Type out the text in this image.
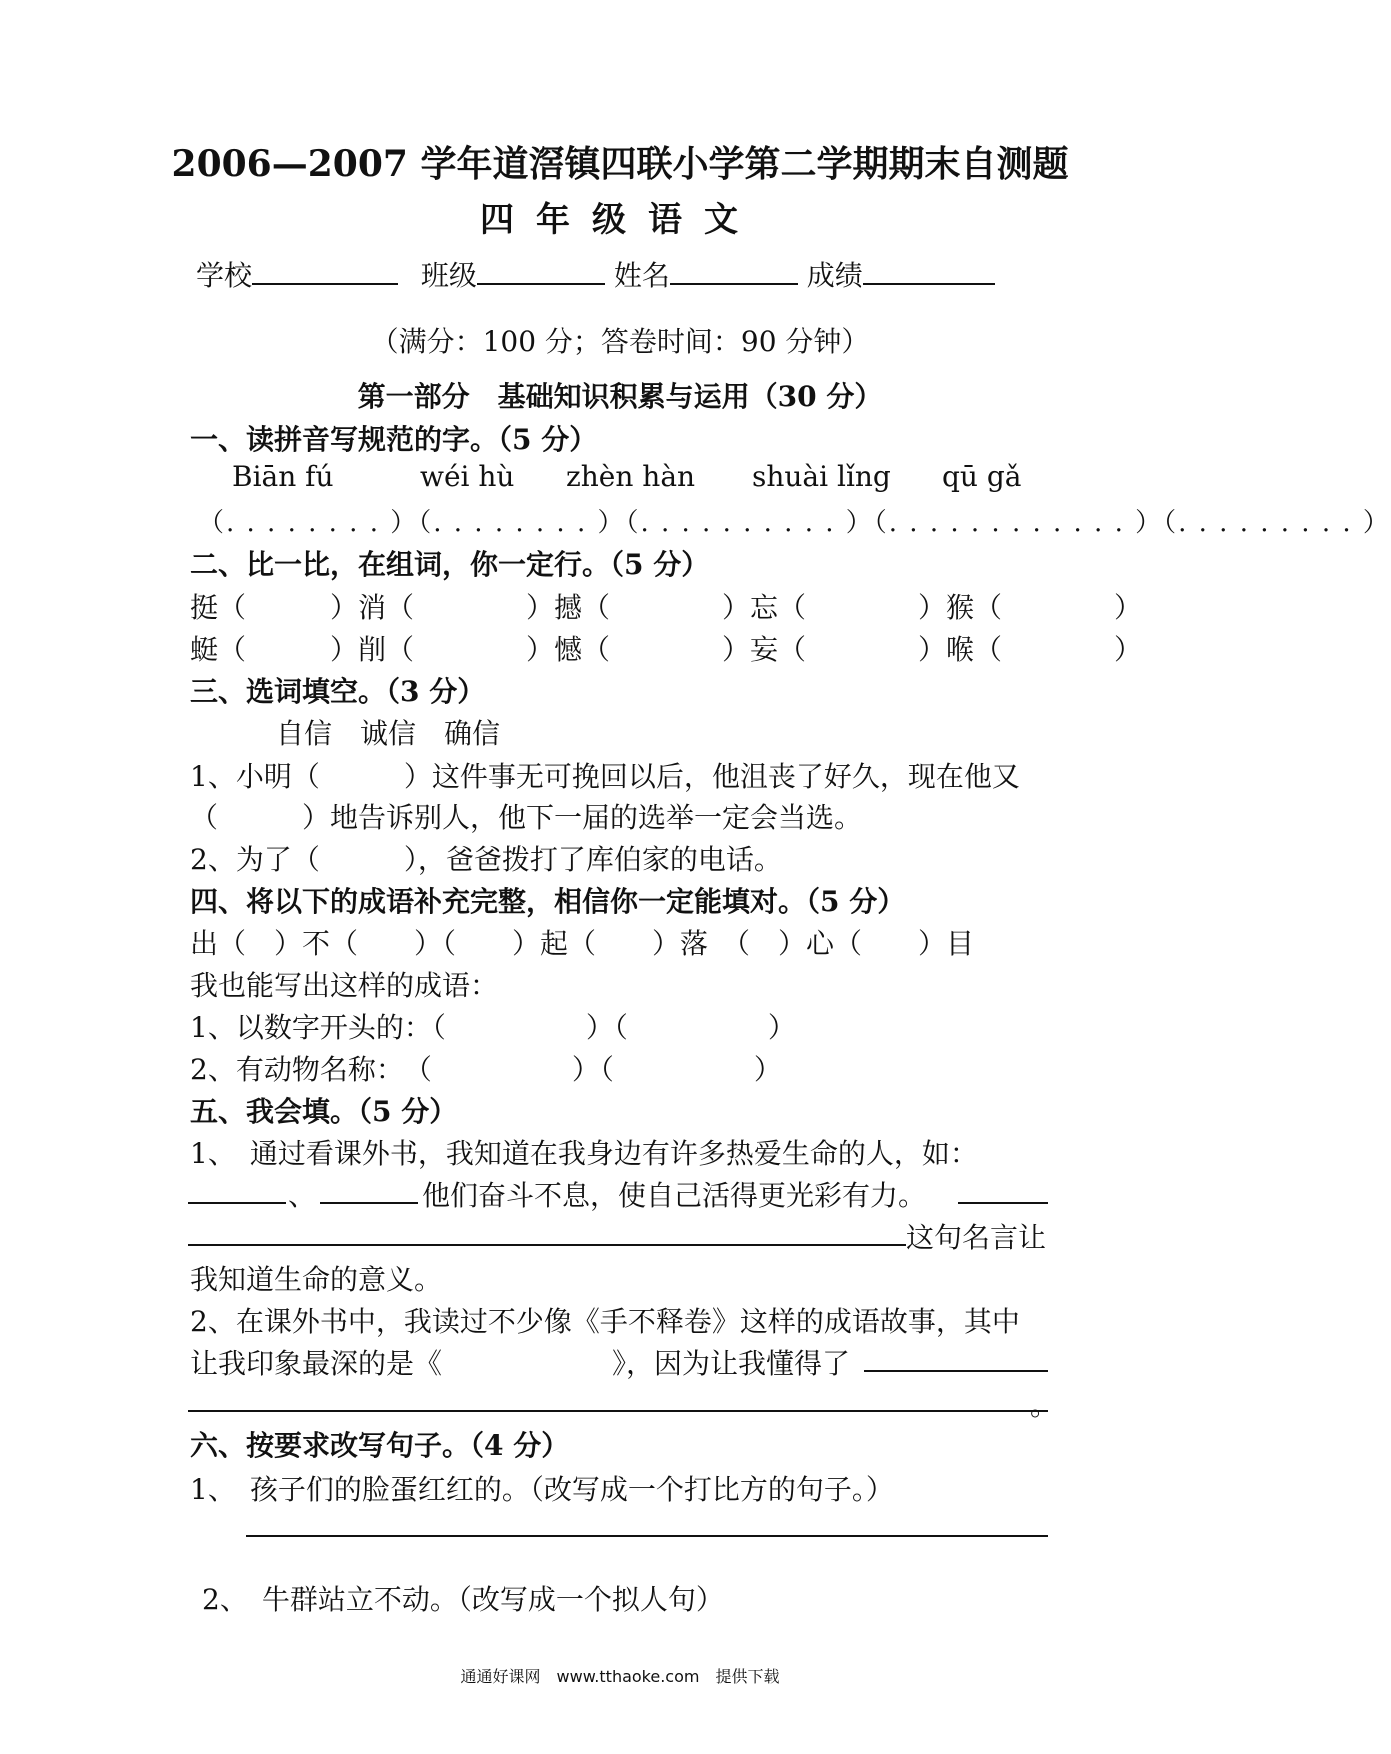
2006—2007 学年道滘镇四联小学第二学期期末自测题
四年级语文
学校	班级	姓名	成绩
（满分：100 分；答卷时间：90 分钟）
第一部分　基础知识积累与运用（30 分）
一、读拼音写规范的字。（5 分）
Biān fú	wéi hù zhèn hàn shuài lǐng qū gǎ
（. . . . . . . . ）（. . . . . . . . ）（. . . . . . . . . . ）（. . . . . . . . . . . . ）（. . . . . . . . . ）
二、比一比，在组词，你一定行。（5 分）
挺（　　　）消（　　　　）撼（　　　　）忘（　　　　）猴（　　　　）
蜓（　　　）削（　　　　）憾（　　　　）妄（　　　　）喉（　　　　）
三、选词填空。（3 分）
自信　诚信　确信
1、小明（　　　）这件事无可挽回以后，他沮丧了好久，现在他又
（　　　）地告诉别人，他下一届的选举一定会当选。
2、为了（　　　），爸爸拨打了库伯家的电话。
四、将以下的成语补充完整，相信你一定能填对。（5 分）
出（　）不（　　）（　　）起（　　）落　（　）心（　　）目
我也能写出这样的成语：
1、以数字开头的：（　　　　　）（　　　　　）
2、有动物名称：　（　　　　　）（　　　　　）
五、我会填。（5 分）
1、　通过看课外书，我知道在我身边有许多热爱生命的人，如：
、	他们奋斗不息，使自己活得更光彩有力。
这句名言让
我知道生命的意义。
2、在课外书中，我读过不少像《手不释卷》这样的成语故事，其中
让我印象最深的是《	》，因为让我懂得了
。
六、按要求改写句子。（4 分）
1、　孩子们的脸蛋红红的。（改写成一个打比方的句子。）
2、　牛群站立不动。（改写成一个拟人句）
通通好课网　www.tthaoke.com　提供下载
